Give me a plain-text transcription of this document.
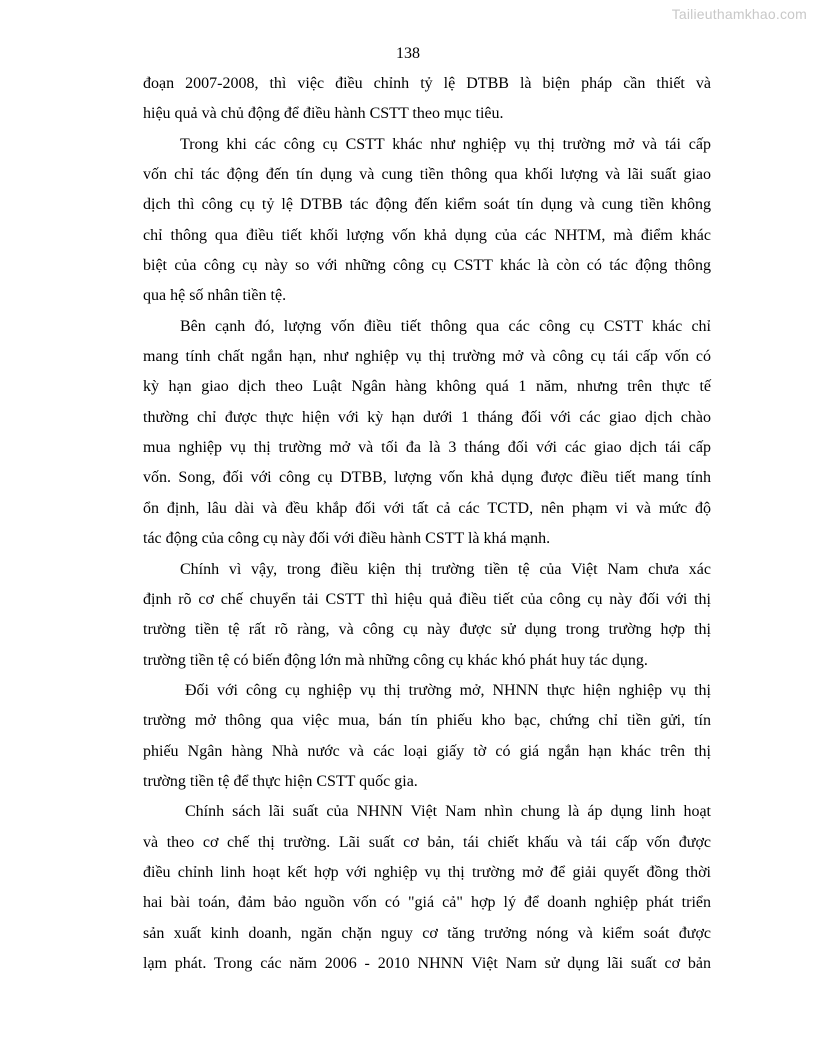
Tailieuthamkhao.com
138

đoạn 2007-2008, thì việc điều chỉnh tỷ lệ DTBB là biện pháp cần thiết và
hiệu quả và chủ động để điều hành CSTT theo mục tiêu.

Trong khi các công cụ CSTT khác như nghiệp vụ thị trường mở và tái cấp
vốn chỉ tác động đến tín dụng và cung tiền thông qua khối lượng và lãi suất giao
dịch thì công cụ tỷ lệ DTBB tác động đến kiểm soát tín dụng và cung tiền không
chỉ thông qua điều tiết khối lượng vốn khả dụng của các NHTM, mà điểm khác
biệt của công cụ này so với những công cụ CSTT khác là còn có tác động thông
qua hệ số nhân tiền tệ.

Bên cạnh đó, lượng vốn điều tiết thông qua các công cụ CSTT khác chỉ
mang tính chất ngắn hạn, như nghiệp vụ thị trường mở và công cụ tái cấp vốn có
kỳ hạn giao dịch theo Luật Ngân hàng không quá 1 năm, nhưng trên thực tế
thường chỉ được thực hiện với kỳ hạn dưới 1 tháng đối với các giao dịch chào
mua nghiệp vụ thị trường mở và tối đa là 3 tháng đối với các giao dịch tái cấp
vốn. Song, đối với công cụ DTBB, lượng vốn khả dụng được điều tiết mang tính
ổn định, lâu dài và đều khắp đối với tất cả các TCTD, nên phạm vi và mức độ
tác động của công cụ này đối với điều hành CSTT là khá mạnh.

Chính vì vậy, trong điều kiện thị trường tiền tệ của Việt Nam chưa xác
định rõ cơ chế chuyển tải CSTT thì hiệu quả điều tiết của công cụ này đối với thị
trường tiền tệ rất rõ ràng, và công cụ này được sử dụng trong trường hợp thị
trường tiền tệ có biến động lớn mà những công cụ khác khó phát huy tác dụng.

Đối với công cụ nghiệp vụ thị trường mở, NHNN thực hiện nghiệp vụ thị
trường mở thông qua việc mua, bán tín phiếu kho bạc, chứng chỉ tiền gửi, tín
phiếu Ngân hàng Nhà nước và các loại giấy tờ có giá ngắn hạn khác trên thị
trường tiền tệ để thực hiện CSTT quốc gia.

Chính sách lãi suất của NHNN Việt Nam nhìn chung là áp dụng linh hoạt
và theo cơ chế thị trường. Lãi suất cơ bản, tái chiết khấu và tái cấp vốn được
điều chỉnh linh hoạt kết hợp với nghiệp vụ thị trường mở để giải quyết đồng thời
hai bài toán, đảm bảo nguồn vốn có "giá cả" hợp lý để doanh nghiệp phát triển
sản xuất kinh doanh, ngăn chặn nguy cơ tăng trưởng nóng và kiểm soát được
lạm phát. Trong các năm 2006 - 2010 NHNN Việt Nam sử dụng lãi suất cơ bản
